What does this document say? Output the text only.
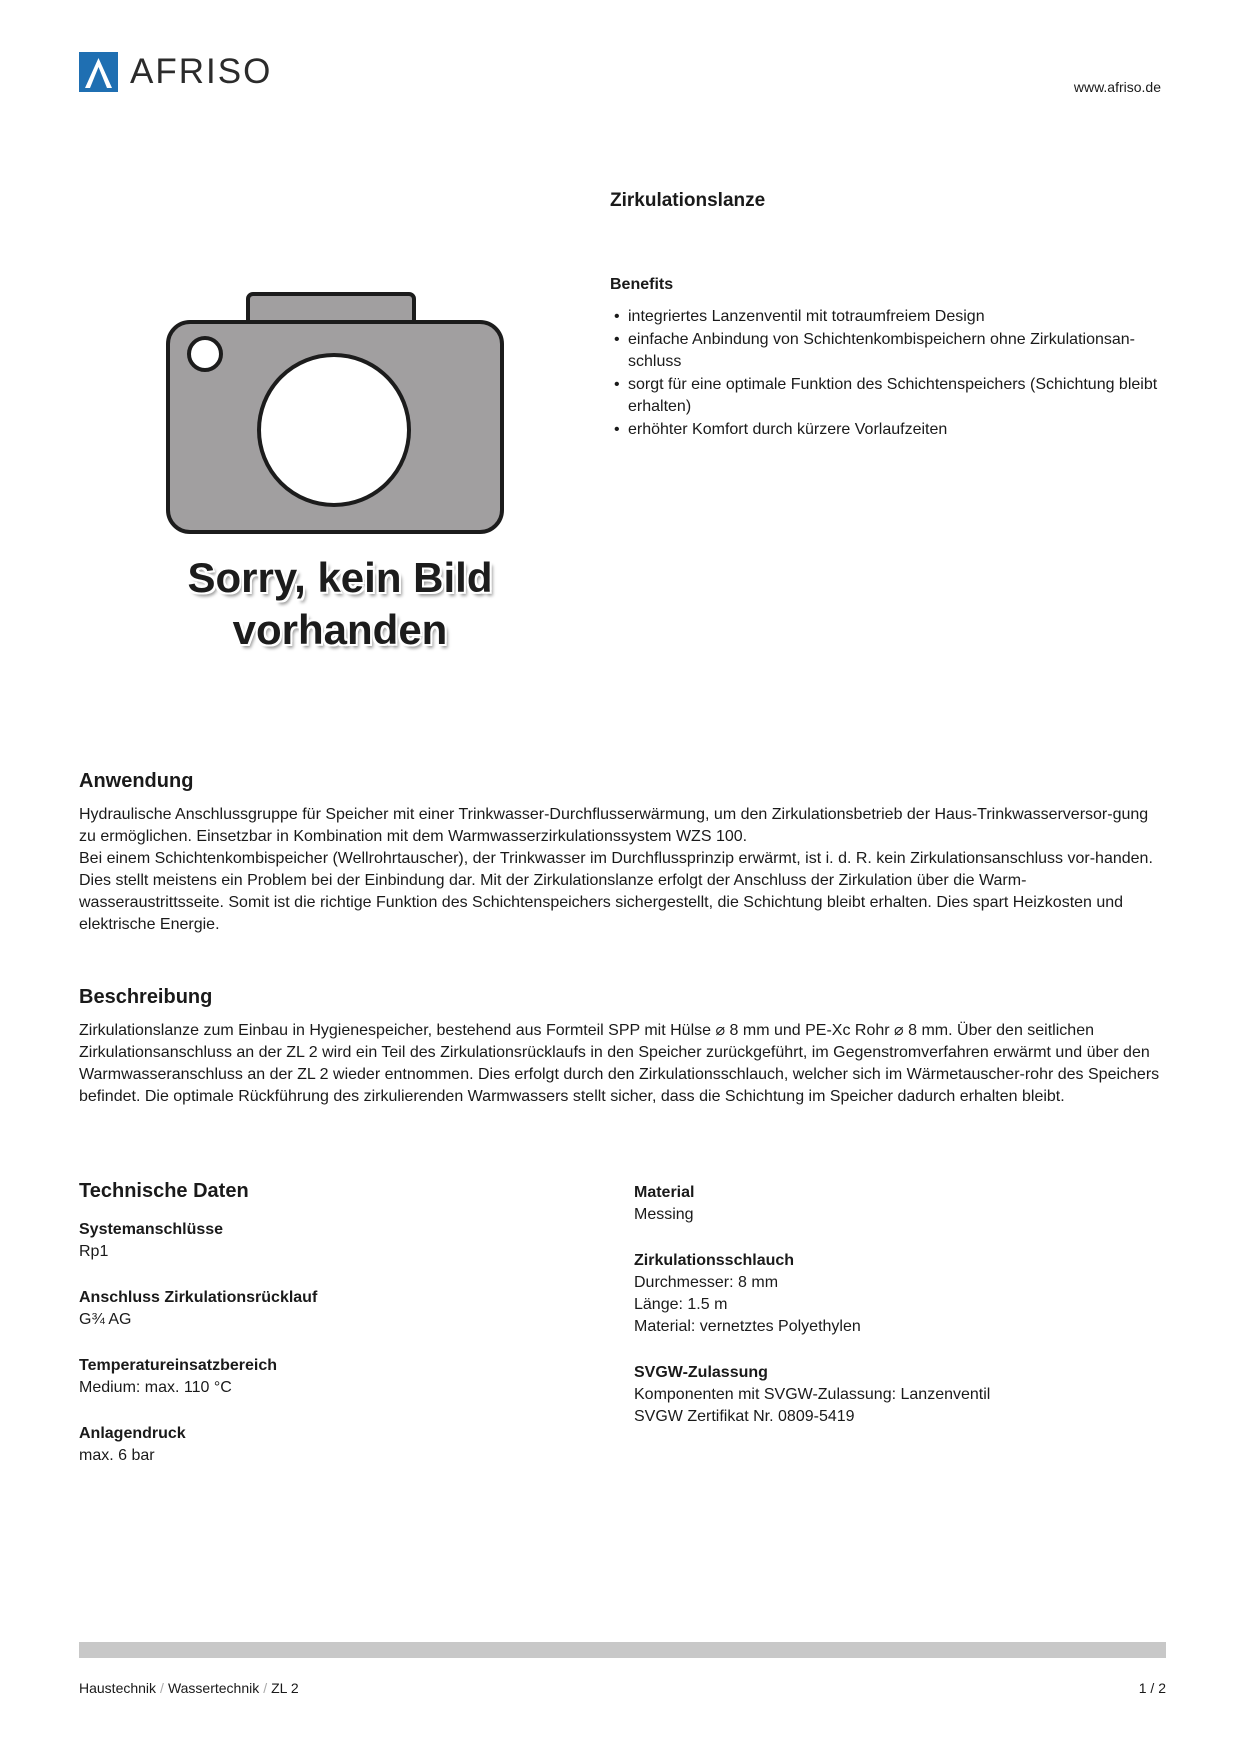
AFRISO	www.afriso.de
Sorry, kein Bild
vorhanden
Zirkulationslanze
Benefits
• integriertes Lanzenventil mit totraumfreiem Design
• einfache Anbindung von Schichtenkombispeichern ohne Zirkulationsan-schluss
• sorgt für eine optimale Funktion des Schichtenspeichers (Schichtung bleibt erhalten)
• erhöhter Komfort durch kürzere Vorlaufzeiten
Anwendung
Hydraulische Anschlussgruppe für Speicher mit einer Trinkwasser-Durchflusserwärmung, um den Zirkulationsbetrieb der Haus-Trinkwasserversor-gung zu ermöglichen. Einsetzbar in Kombination mit dem Warmwasserzirkulationssystem WZS 100.
Bei einem Schichtenkombispeicher (Wellrohrtauscher), der Trinkwasser im Durchflussprinzip erwärmt, ist i. d. R. kein Zirkulationsanschluss vor-handen. Dies stellt meistens ein Problem bei der Einbindung dar. Mit der Zirkulationslanze erfolgt der Anschluss der Zirkulation über die Warm-wasseraustrittsseite. Somit ist die richtige Funktion des Schichtenspeichers sichergestellt, die Schichtung bleibt erhalten. Dies spart Heizkosten und elektrische Energie.
Beschreibung

Zirkulationslanze zum Einbau in Hygienespeicher, bestehend aus Formteil SPP mit Hülse ⌀ 8 mm und PE-Xc Rohr ⌀ 8 mm. Über den seitlichen Zirkulationsanschluss an der ZL 2 wird ein Teil des Zirkulationsrücklaufs in den Speicher zurückgeführt, im Gegenstromverfahren erwärmt und über den Warmwasseranschluss an der ZL 2 wieder entnommen. Dies erfolgt durch den Zirkulationsschlauch, welcher sich im Wärmetauscher-rohr des Speichers befindet. Die optimale Rückführung des zirkulierenden Warmwassers stellt sicher, dass die Schichtung im Speicher dadurch erhalten bleibt.

Technische Daten
Systemanschlüsse
Rp1
Anschluss Zirkulationsrücklauf
G¾ AG
Temperatureinsatzbereich
Medium: max. 110 °C
Anlagendruck
max. 6 bar
Material
Messing
Zirkulationsschlauch
Durchmesser: 8 mm
Länge: 1.5 m
Material: vernetztes Polyethylen
SVGW-Zulassung
Komponenten mit SVGW-Zulassung: Lanzenventil
SVGW Zertifikat Nr. 0809-5419
Haustechnik / Wassertechnik / ZL 2	1 / 2
